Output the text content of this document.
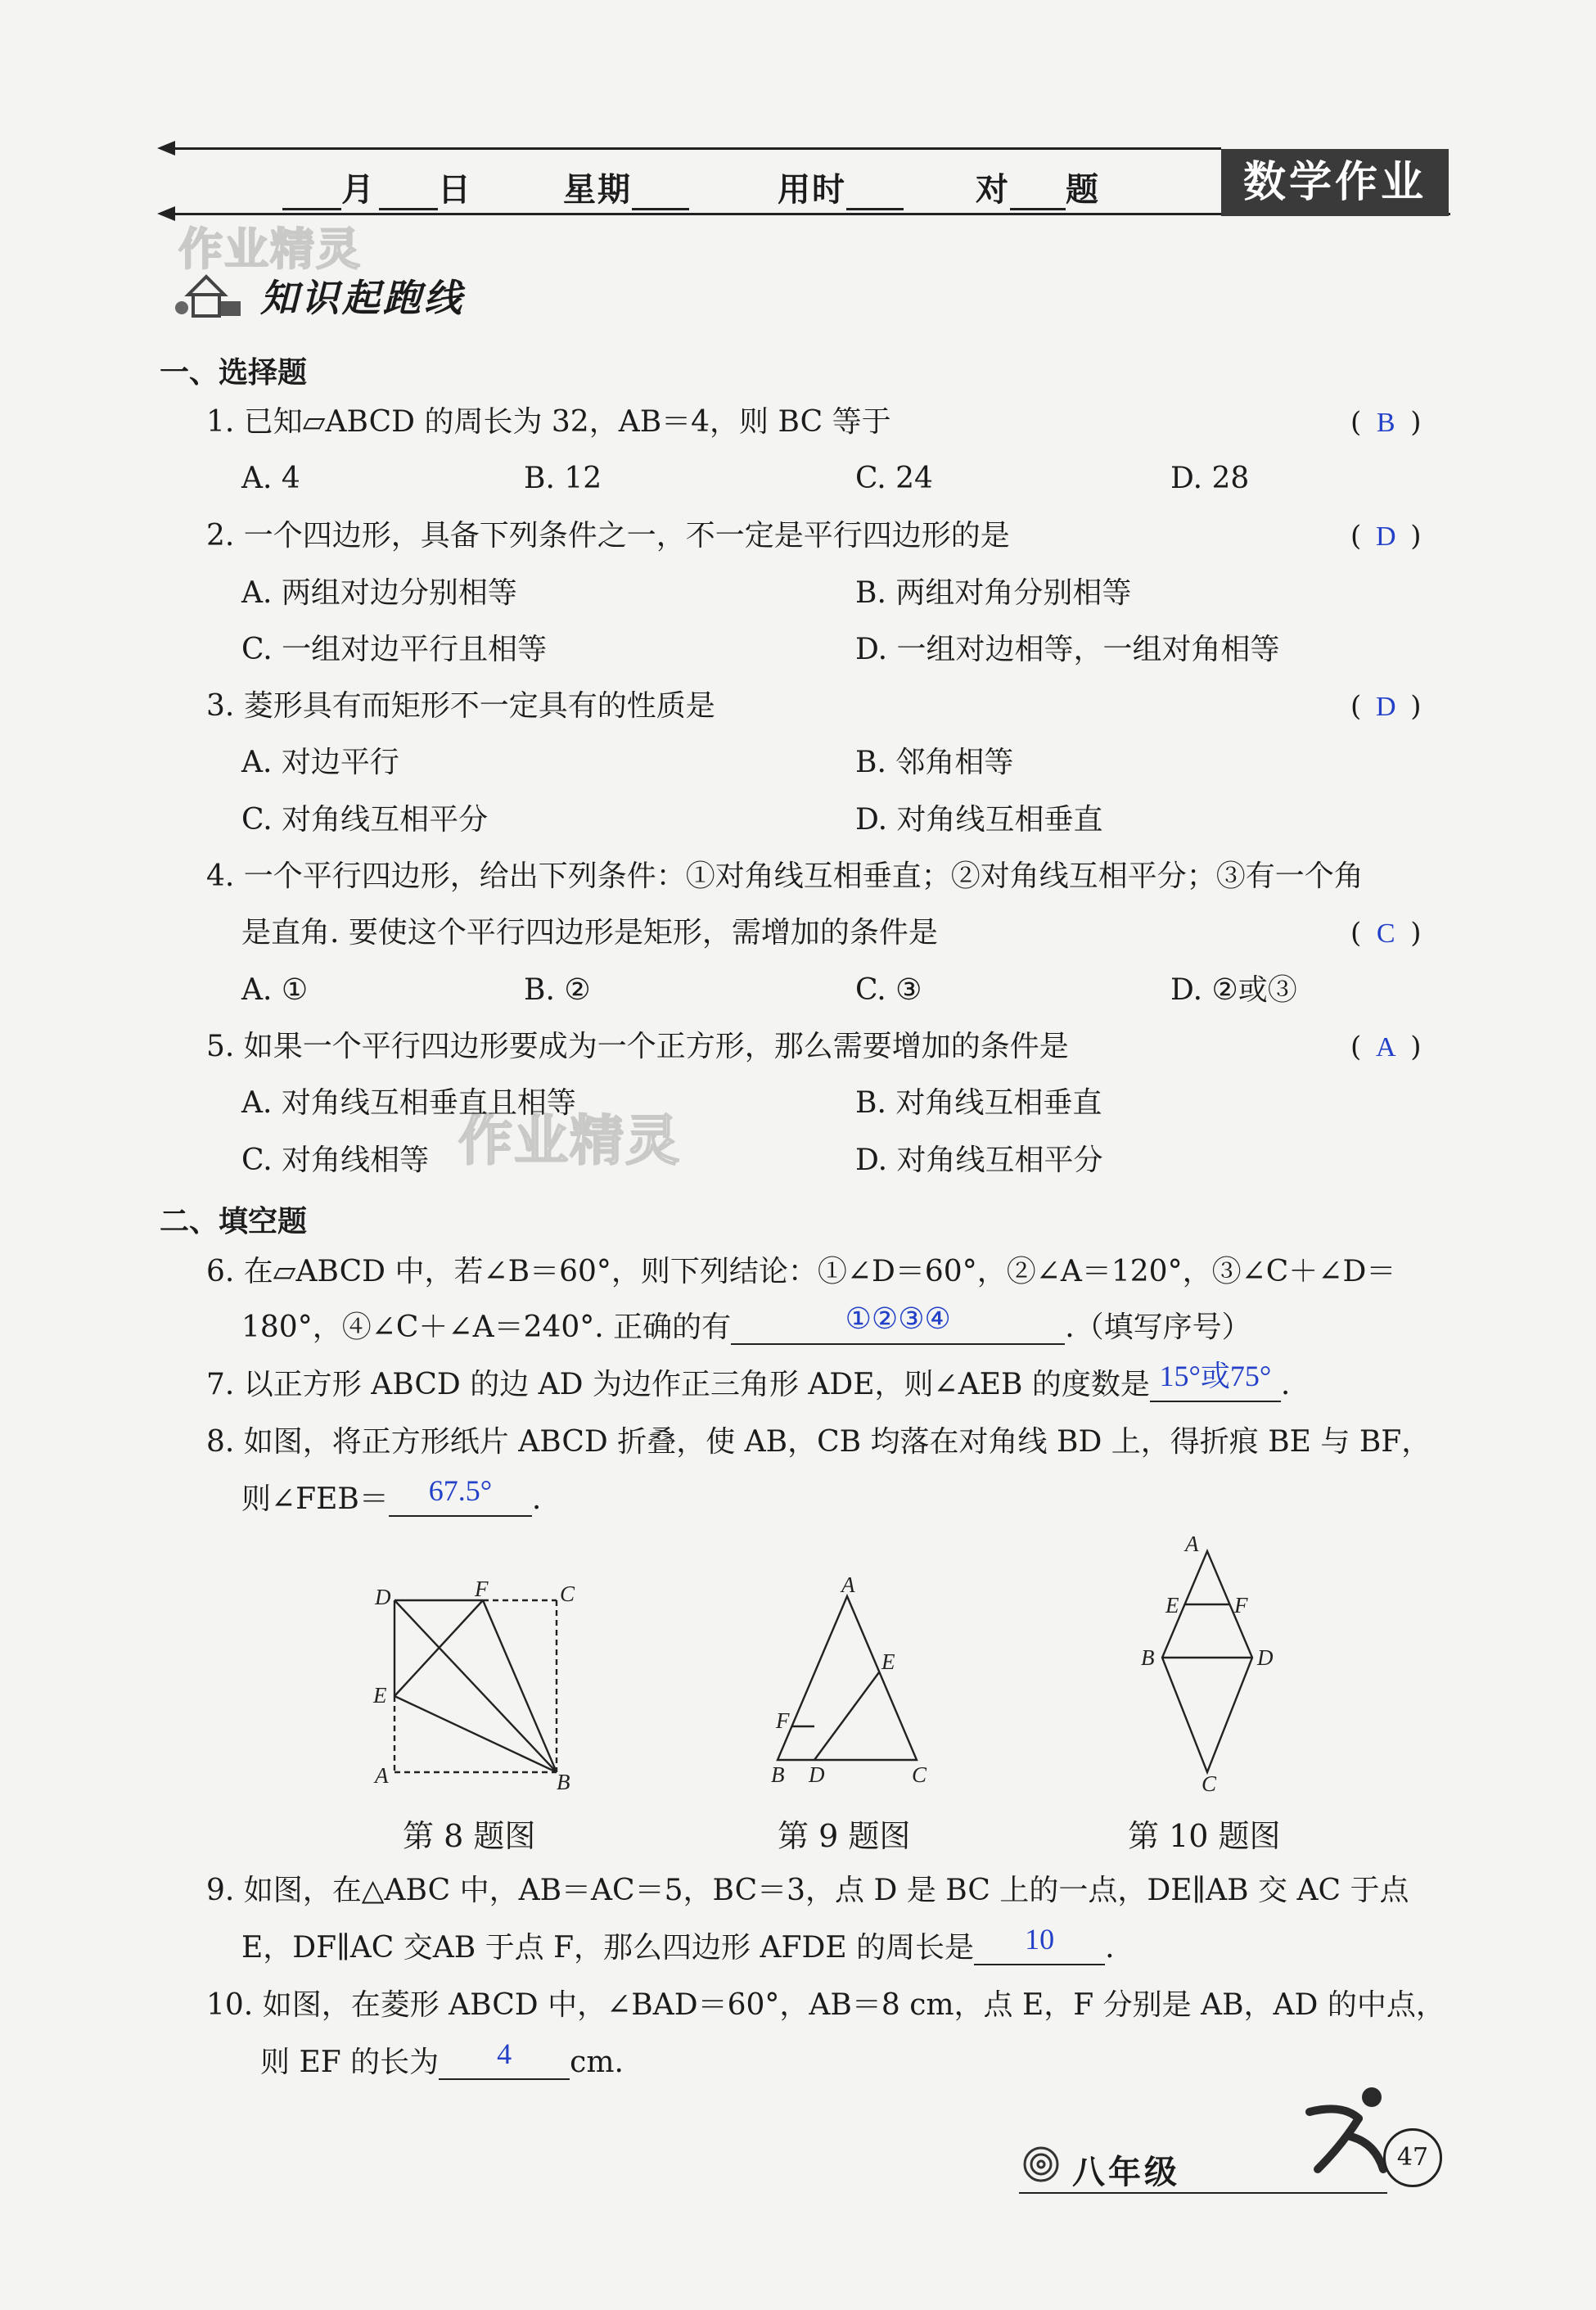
月	日	星期	用时	对 题	数学作业
作业精灵
作业精灵
知识起跑线
一、选择题
1. 已知▱ABCD 的周长为 32，AB＝4，则 BC 等于	( B )
A. 4	B. 12	C. 24	D. 28
2. 一个四边形，具备下列条件之一，不一定是平行四边形的是	( D )
A. 两组对边分别相等	B. 两组对角分别相等
C. 一组对边平行且相等	D. 一组对边相等，一组对角相等
3. 菱形具有而矩形不一定具有的性质是	( D )
A. 对边平行	B. 邻角相等
C. 对角线互相平分	D. 对角线互相垂直
4. 一个平行四边形，给出下列条件：①对角线互相垂直；②对角线互相平分；③有一个角
是直角. 要使这个平行四边形是矩形，需增加的条件是	( C )
A. ①	B. ②	C. ③	D. ②或③
5. 如果一个平行四边形要成为一个正方形，那么需要增加的条件是	( A )
A. 对角线互相垂直且相等	B. 对角线互相垂直
C. 对角线相等	D. 对角线互相平分
二、填空题
6. 在▱ABCD 中，若∠B＝60°，则下列结论：①∠D＝60°，②∠A＝120°，③∠C＋∠D＝
180°，④∠C＋∠A＝240°. 正确的有	①②③④	.（填写序号）
7. 以正方形 ABCD 的边 AD 为边作正三角形 ADE，则∠AEB 的度数是 15°或75° .
8. 如图，将正方形纸片 ABCD 折叠，使 AB，CB 均落在对角线 BD 上，得折痕 BE 与 BF，
则∠FEB＝ 67.5° .
D	F	C
E
A	B
第 8 题图
A
E
F
B D	C
第 9 题图
A
E	F
B	D
C
第 10 题图
9. 如图，在△ABC 中，AB＝AC＝5，BC＝3，点 D 是 BC 上的一点，DE∥AB 交 AC 于点
E，DF∥AC 交AB 于点 F，那么四边形 AFDE 的周长是 10 .
10. 如图，在菱形 ABCD 中，∠BAD＝60°，AB＝8 cm，点 E，F 分别是 AB，AD 的中点，
则 EF 的长为 4 cm.
八年级	47
